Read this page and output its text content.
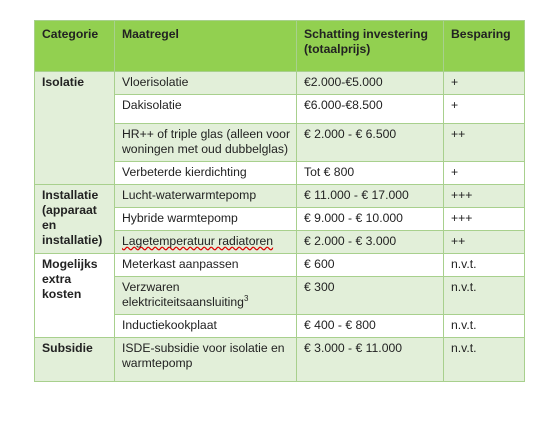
Categorie	Maatregel	Schatting investering (totaalprijs)	Besparing
Isolatie	Vloerisolatie	€2.000-€5.000	+
	Dakisolatie	€6.000-€8.500	+
	HR++ of triple glas (alleen voor woningen met oud dubbelglas)	€ 2.000 - € 6.500	++
	Verbeterde kierdichting	Tot € 800	+
Installatie (apparaat en installatie)	Lucht-waterwarmtepomp	€ 11.000 - € 17.000	+++
	Hybride warmtepomp	€ 9.000 - € 10.000	+++
	Lagetemperatuur radiatoren	€ 2.000 - € 3.000	++
Mogelijks extra kosten	Meterkast aanpassen	€ 600	n.v.t.
	Verzwaren elektriciteitsaansluiting$^3$	€ 300	n.v.t.
	Inductiekookplaat	€ 400 - € 800	n.v.t.
Subsidie	ISDE-subsidie voor isolatie en warmtepomp	€ 3.000 - € 11.000	n.v.t.
